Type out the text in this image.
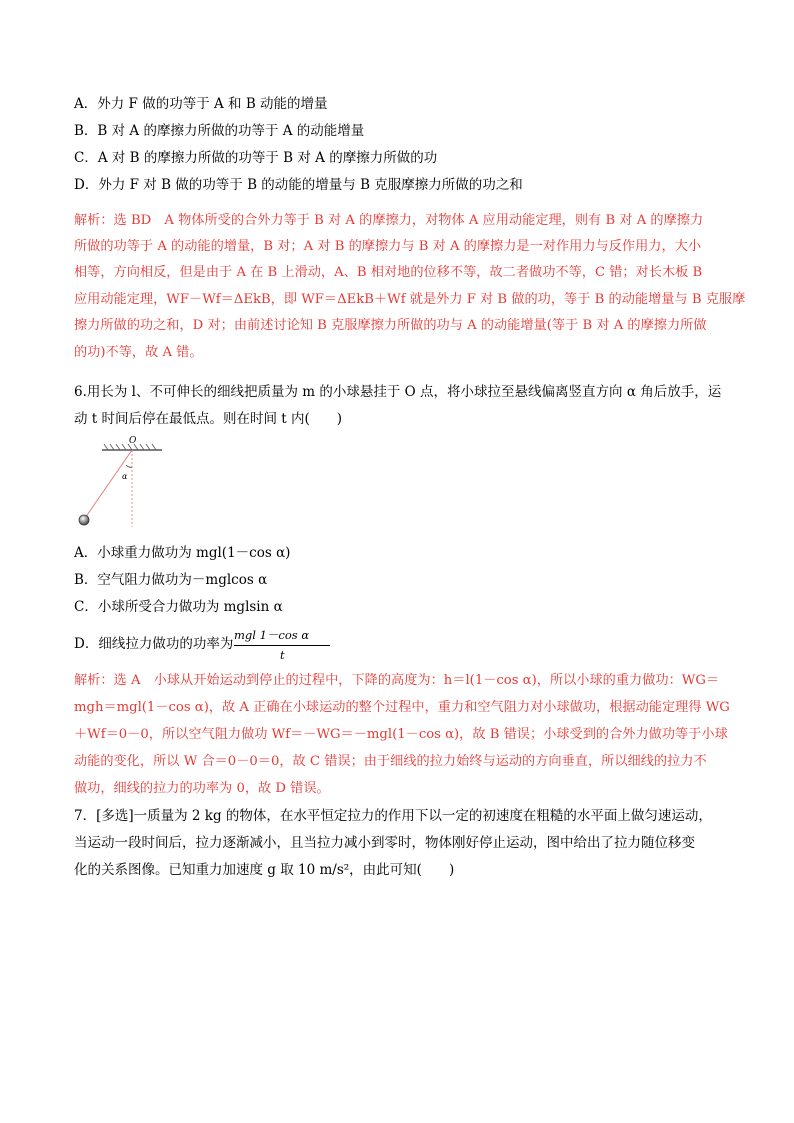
A．外力 F 做的功等于 A 和 B 动能的增量
B．B 对 A 的摩擦力所做的功等于 A 的动能增量
C．A 对 B 的摩擦力所做的功等于 B 对 A 的摩擦力所做的功
D．外力 F 对 B 做的功等于 B 的动能的增量与 B 克服摩擦力所做的功之和
解析：选 BD　A 物体所受的合外力等于 B 对 A 的摩擦力，对物体 A 应用动能定理，则有 B 对 A 的摩擦力
所做的功等于 A 的动能的增量，B 对；A 对 B 的摩擦力与 B 对 A 的摩擦力是一对作用力与反作用力，大小
相等，方向相反，但是由于 A 在 B 上滑动，A、B 相对地的位移不等，故二者做功不等，C 错；对长木板 B
应用动能定理，WF－Wf＝ΔEkB，即 WF＝ΔEkB＋Wf 就是外力 F 对 B 做的功，等于 B 的动能增量与 B 克服摩
擦力所做的功之和，D 对；由前述讨论知 B 克服摩擦力所做的功与 A 的动能增量(等于 B 对 A 的摩擦力所做
的功)不等，故 A 错。
6.用长为 l、不可伸长的细线把质量为 m 的小球悬挂于 O 点，将小球拉至悬线偏离竖直方向 α 角后放手，运
动 t 时间后停在最低点。则在时间 t 内(　　)
O
α
A．小球重力做功为 mgl(1－cos α)
B．空气阻力做功为－mglcos α
C．小球所受合力做功为 mglsin α
D．细线拉力做功的功率为
mgl 1－cos α
t
解析：选 A　小球从开始运动到停止的过程中，下降的高度为：h＝l(1－cos α)，所以小球的重力做功：WG＝
mgh＝mgl(1－cos α)，故 A 正确在小球运动的整个过程中，重力和空气阻力对小球做功，根据动能定理得 WG
＋Wf＝0－0，所以空气阻力做功 Wf＝－WG＝－mgl(1－cos α)，故 B 错误；小球受到的合外力做功等于小球
动能的变化，所以 W 合＝0－0＝0，故 C 错误；由于细线的拉力始终与运动的方向垂直，所以细线的拉力不
做功，细线的拉力的功率为 0，故 D 错误。
7．[多选]一质量为 2 kg 的物体，在水平恒定拉力的作用下以一定的初速度在粗糙的水平面上做匀速运动，
当运动一段时间后，拉力逐渐减小，且当拉力减小到零时，物体刚好停止运动，图中给出了拉力随位移变
化的关系图像。已知重力加速度 g 取 10 m/s²，由此可知(　　)
